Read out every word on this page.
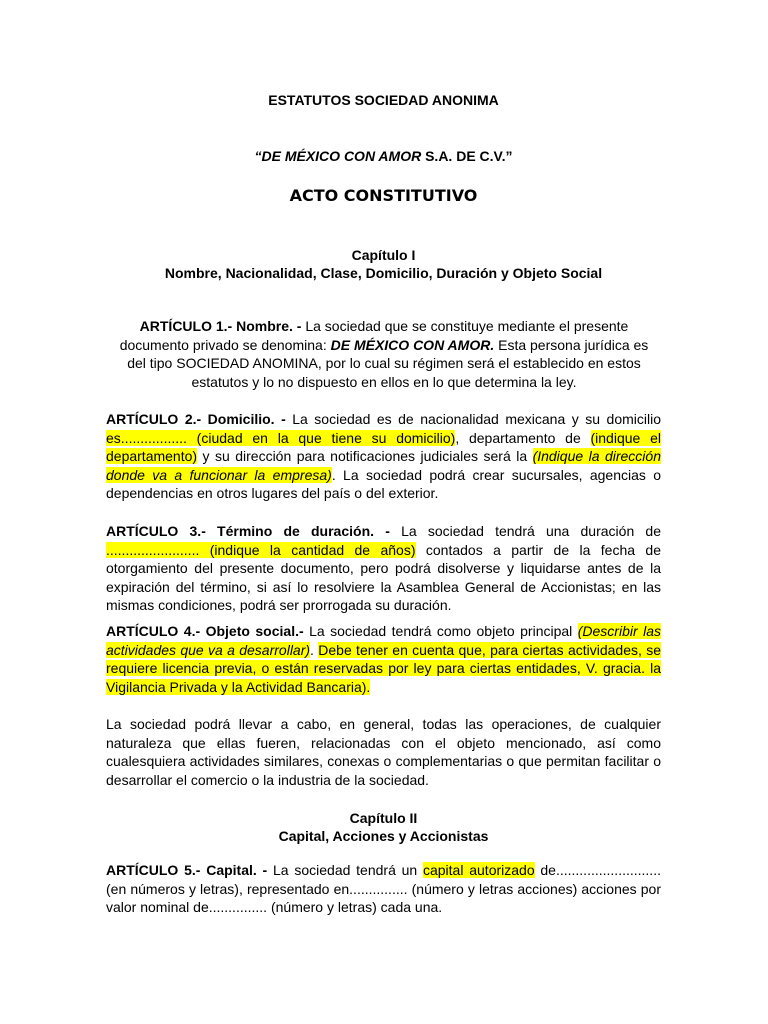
ESTATUTOS SOCIEDAD ANONIMA
“DE MÉXICO CON AMOR S.A. DE C.V.”
ACTO CONSTITUTIVO
Capítulo I
Nombre, Nacionalidad, Clase, Domicilio, Duración y Objeto Social

ARTÍCULO 1.- Nombre. - La sociedad que se constituye mediante el presente documento privado se denomina: DE MÉXICO CON AMOR. Esta persona jurídica es del tipo SOCIEDAD ANOMINA, por lo cual su régimen será el establecido en estos estatutos y lo no dispuesto en ellos en lo que determina la ley.

ARTÍCULO 2.- Domicilio. - La sociedad es de nacionalidad mexicana y su domicilio es................. (ciudad en la que tiene su domicilio), departamento de (indique el departamento) y su dirección para notificaciones judiciales será la (Indique la dirección donde va a funcionar la empresa). La sociedad podrá crear sucursales, agencias o dependencias en otros lugares del país o del exterior.

ARTÍCULO 3.- Término de duración. - La sociedad tendrá una duración de ........................ (indique la cantidad de años) contados a partir de la fecha de otorgamiento del presente documento, pero podrá disolverse y liquidarse antes de la expiración del término, si así lo resolviere la Asamblea General de Accionistas; en las mismas condiciones, podrá ser prorrogada su duración.

ARTÍCULO 4.- Objeto social.- La sociedad tendrá como objeto principal (Describir las actividades que va a desarrollar). Debe tener en cuenta que, para ciertas actividades, se requiere licencia previa, o están reservadas por ley para ciertas entidades, V. gracia. la Vigilancia Privada y la Actividad Bancaria).

La sociedad podrá llevar a cabo, en general, todas las operaciones, de cualquier naturaleza que ellas fueren, relacionadas con el objeto mencionado, así como cualesquiera actividades similares, conexas o complementarias o que permitan facilitar o desarrollar el comercio o la industria de la sociedad.

Capítulo II
Capital, Acciones y Accionistas

ARTÍCULO 5.- Capital. - La sociedad tendrá un capital autorizado de........................... (en números y letras), representado en............... (número y letras acciones) acciones por valor nominal de............... (número y letras) cada una.
